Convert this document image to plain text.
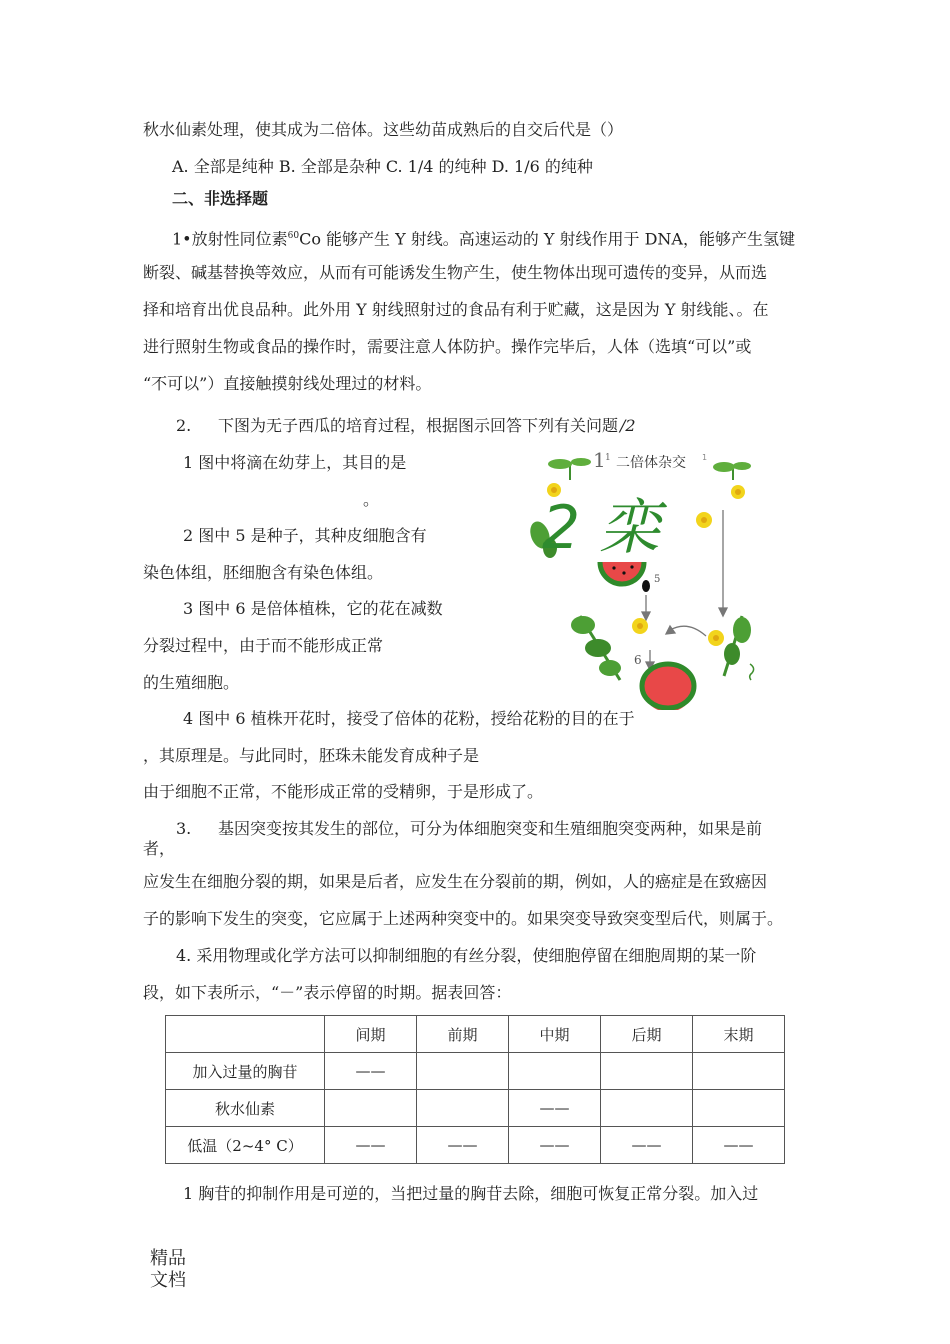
秋水仙素处理，使其成为二倍体。这些幼苗成熟后的自交后代是（）
A. 全部是纯种 B. 全部是杂种 C. 1/4 的纯种 D. 1/6 的纯种
二、非选择题
1•放射性同位素$^{60}$Co 能够产生 Y 射线。高速运动的 Y 射线作用于 DNA，能够产生氢键
断裂、碱基替换等效应，从而有可能诱发生物产生，使生物体出现可遗传的变异，从而选
择和培育出优良品种。此外用 Y 射线照射过的食品有利于贮藏，这是因为 Y 射线能、。在
进行照射生物或食品的操作时，需要注意人体防护。操作完毕后，人体（选填“可以”或
“不可以”）直接触摸射线处理过的材料。
2. 下图为无子西瓜的培育过程，根据图示回答下列有关问题 /2
1 图中将滴在幼芽上，其目的是
。
2 图中 5 是种子，其种皮细胞含有
染色体组，胚细胞含有染色体组。
3 图中 6 是倍体植株，它的花在减数
分裂过程中，由于而不能形成正常
的生殖细胞。
4 图中 6 植株开花时，接受了倍体的花粉，授给花粉的目的在于
，其原理是。与此同时，胚珠未能发育成种子是
由于细胞不正常，不能形成正常的受精卵，于是形成了。
1 1 二倍体杂交 1
2 栾
5
6
3. 基因突变按其发生的部位，可分为体细胞突变和生殖细胞突变两种，如果是前
者，
应发生在细胞分裂的期，如果是后者，应发生在分裂前的期，例如，人的癌症是在致癌因
子的影响下发生的突变，它应属于上述两种突变中的。如果突变导致突变型后代，则属于。
4. 采用物理或化学方法可以抑制细胞的有丝分裂，使细胞停留在细胞周期的某一阶
段，如下表所示，“－”表示停留的时期。据表回答：
	间期	前期	中期	后期	末期
加入过量的胸苷	——				
秋水仙素			——		
低温（2~4° C）	——	——	——	——	——
1 胸苷的抑制作用是可逆的，当把过量的胸苷去除，细胞可恢复正常分裂。加入过
精品
文档
